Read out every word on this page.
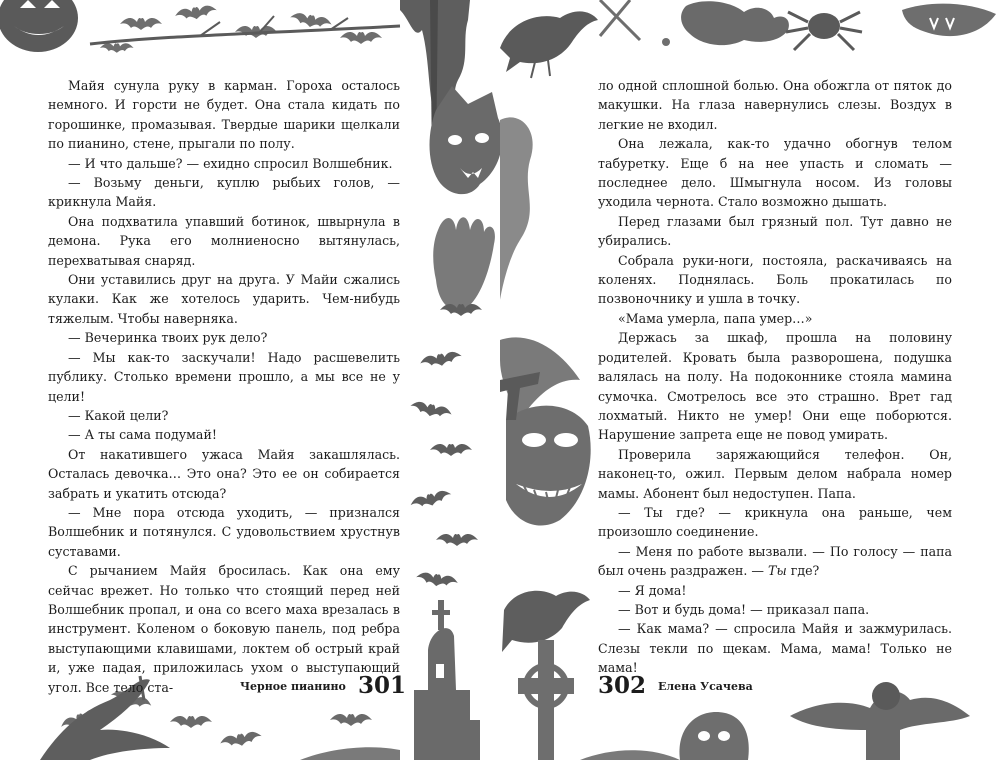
Майя сунула руку в карман. Гороха осталось немного. И горсти не будет. Она стала кидать по горошинке, промазывая. Твердые шарики щелкали по пианино, стене, прыгали по полу.

— И что дальше? — ехидно спросил Волшебник.

— Возьму деньги, куплю рыбьих голов, — крикнула Майя.

Она подхватила упавший ботинок, швырнула в демона. Рука его молниеносно вытянулась, перехватывая снаряд.

Они уставились друг на друга. У Майи сжались кулаки. Как же хотелось ударить. Чем-нибудь тяжелым. Чтобы наверняка.

— Вечеринка твоих рук дело?

— Мы как-то заскучали! Надо расшевелить публику. Столько времени прошло, а мы все не у цели!

— Какой цели?

— А ты сама подумай!

От накатившего ужаса Майя закашлялась. Осталась девочка… Это она? Это ее он собирается забрать и укатить отсюда?

— Мне пора отсюда уходить, — признался Волшебник и потянулся. С удовольствием хрустнув суставами.

С рычанием Майя бросилась. Как она ему сейчас врежет. Но только что стоящий перед ней Волшебник пропал, и она со всего маха врезалась в инструмент. Коленом о боковую панель, под ребра выступающими клавишами, локтем об острый край и, уже падая, приложилась ухом о выступающий угол. Все тело ста-	Черное пианино 301

ло одной сплошной болью. Она обожгла от пяток до макушки. На глаза навернулись слезы. Воздух в легкие не входил.

Она лежала, как-то удачно обогнув телом табуретку. Еще б на нее упасть и сломать — последнее дело. Шмыгнула носом. Из головы уходила чернота. Стало возможно дышать.

Перед глазами был грязный пол. Тут давно не убирались.

Собрала руки-ноги, постояла, раскачиваясь на коленях. Поднялась. Боль прокатилась по позвоночнику и ушла в точку.

«Мама умерла, папа умер…»

Держась за шкаф, прошла на половину родителей. Кровать была разворошена, подушка валялась на полу. На подоконнике стояла мамина сумочка. Смотрелось все это страшно. Врет гад лохматый. Никто не умер! Они еще поборются. Нарушение запрета еще не повод умирать.

Проверила заряжающийся телефон. Он, наконец-то, ожил. Первым делом набрала номер мамы. Абонент был недоступен. Папа.

— Ты где? — крикнула она раньше, чем произошло соединение.

— Меня по работе вызвали. — По голосу — папа был очень раздражен. — Ты где?

— Я дома!

— Вот и будь дома! — приказал папа.

— Как мама? — спросила Майя и зажмурилась. Слезы текли по щекам. Мама, мама! Только не мама!

302 Елена Усачева
